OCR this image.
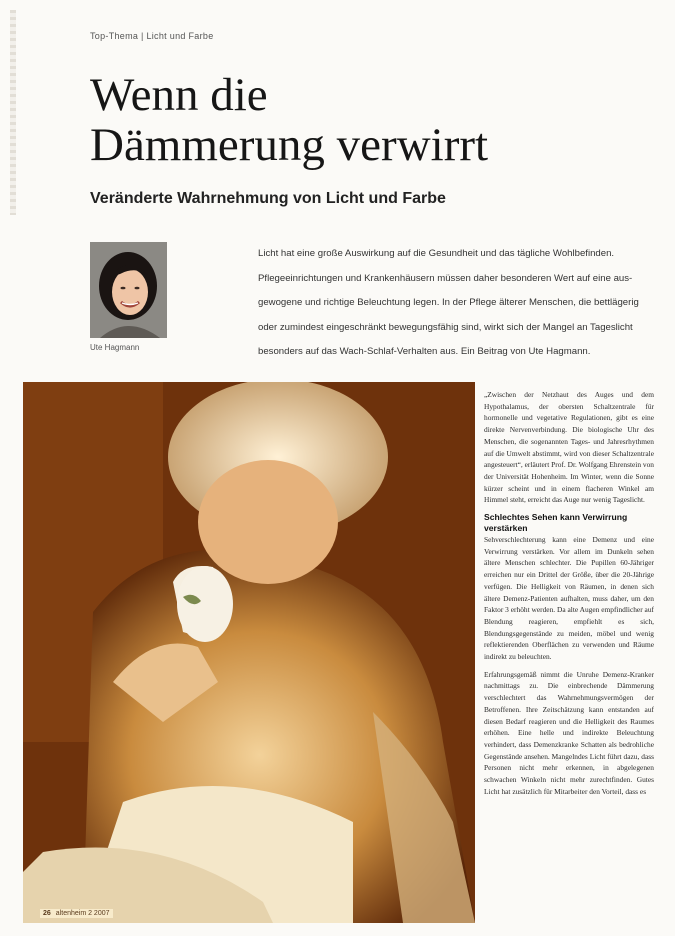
Top-Thema | Licht und Farbe
Wenn die
Dämmerung verwirrt
Veränderte Wahrnehmung von Licht und Farbe
Ute Hagmann

Licht hat eine große Auswirkung auf die Gesundheit und das tägliche Wohlbefinden. Pflegeeinrichtungen und Krankenhäusern müssen daher besonderen Wert auf eine aus-gewogene und richtige Beleuchtung legen. In der Pflege älterer Menschen, die bettlägerig oder zumindest eingeschränkt bewegungsfähig sind, wirkt sich der Mangel an Tageslicht besonders auf das Wach-Schlaf-Verhalten aus. Ein Beitrag von Ute Hagmann.

26 altenheim 2 2007

„Zwischen der Netzhaut des Auges und dem Hypothalamus, der obersten Schaltzentrale für hormonelle und vegetative Regulationen, gibt es eine direkte Nervenverbindung. Die biologische Uhr des Menschen, die sogenannten Tages- und Jahresrhythmen auf die Umwelt abstimmt, wird von dieser Schaltzentrale angesteuert“, erläutert Prof. Dr. Wolfgang Ehrenstein von der Universität Hohenheim. Im Winter, wenn die Sonne kürzer scheint und in einem flacheren Winkel am Himmel steht, erreicht das Auge nur wenig Tageslicht.

Schlechtes Sehen kann Verwirrung verstärken

Sehverschlechterung kann eine Demenz und eine Verwirrung verstärken. Vor allem im Dunkeln sehen ältere Menschen schlechter. Die Pupillen 60-Jähriger erreichen nur ein Drittel der Größe, über die 20-Jährige verfügen. Die Helligkeit von Räumen, in denen sich ältere Demenz-Patienten aufhalten, muss daher, um den Faktor 3 erhöht werden. Da alte Augen empfindlicher auf Blendung reagieren, empfiehlt es sich, Blendungsgegenstände zu meiden, möbel und wenig reflektierenden Oberflächen zu verwenden und Räume indirekt zu beleuchten.

Erfahrungsgemäß nimmt die Unruhe Demenz-Kranker nachmittags zu. Die einbrechende Dämmerung verschlechtert das Wahrnehmungsvermögen der Betroffenen. Ihre Zeitschätzung kann entstanden auf diesen Bedarf reagieren und die Helligkeit des Raumes erhöhen. Eine helle und indirekte Beleuchtung verhindert, dass Demenzkranke Schatten als bedrohliche Gegenstände ansehen. Mangelndes Licht führt dazu, dass Personen nicht mehr erkennen, in abgelegenen schwachen Winkeln nicht mehr zurechtfinden. Gutes Licht hat zusätzlich für Mitarbeiter den Vorteil, dass es
